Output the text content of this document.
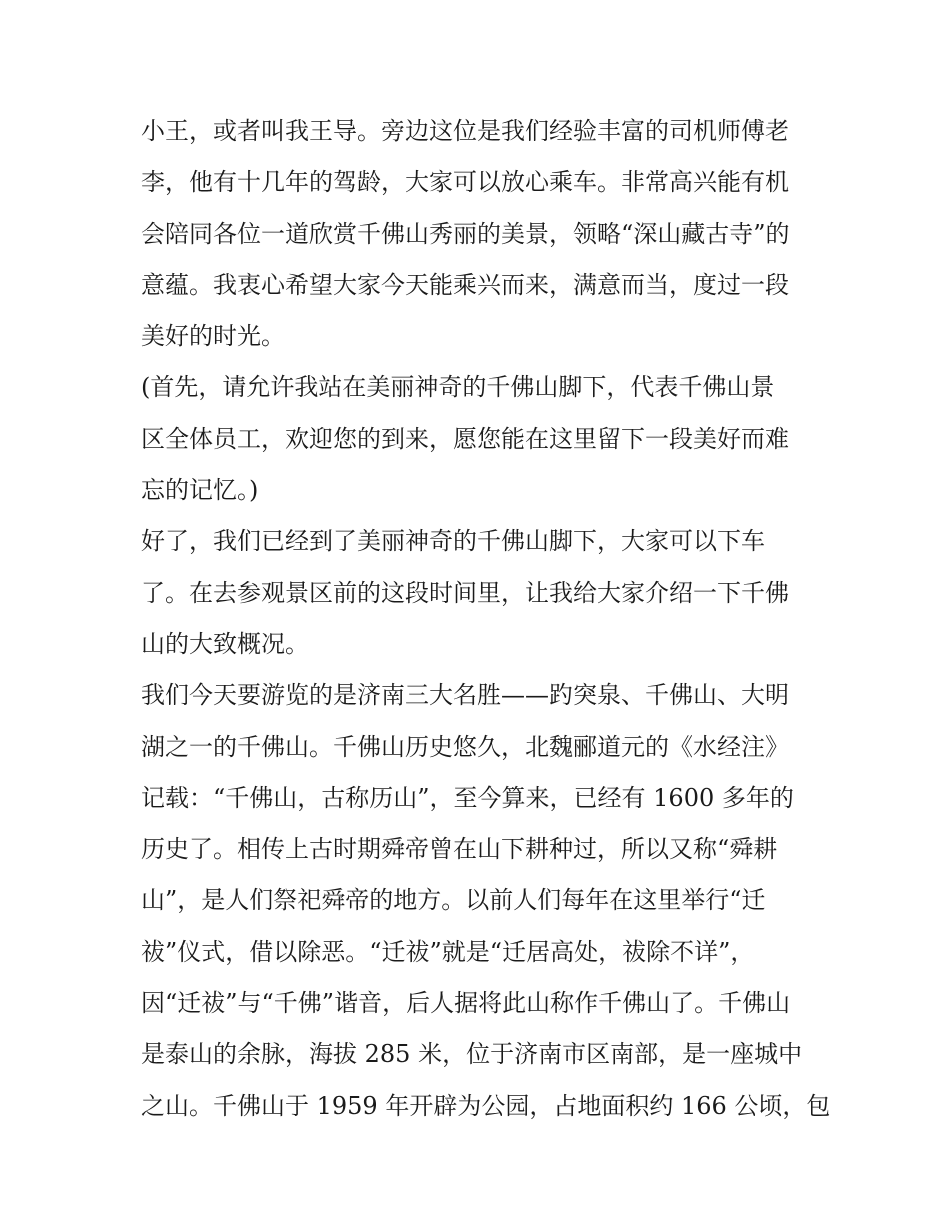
小王，或者叫我王导。旁边这位是我们经验丰富的司机师傅老
李，他有十几年的驾龄，大家可以放心乘车。非常高兴能有机
会陪同各位一道欣赏千佛山秀丽的美景，领略“深山藏古寺”的
意蕴。我衷心希望大家今天能乘兴而来，满意而当，度过一段
美好的时光。
(首先，请允许我站在美丽神奇的千佛山脚下，代表千佛山景
区全体员工，欢迎您的到来，愿您能在这里留下一段美好而难
忘的记忆。)
好了，我们已经到了美丽神奇的千佛山脚下，大家可以下车
了。在去参观景区前的这段时间里，让我给大家介绍一下千佛
山的大致概况。
我们今天要游览的是济南三大名胜——趵突泉、千佛山、大明
湖之一的千佛山。千佛山历史悠久，北魏郦道元的《水经注》
记载：“千佛山，古称历山”，至今算来，已经有 1600 多年的
历史了。相传上古时期舜帝曾在山下耕种过，所以又称“舜耕
山”，是人们祭祀舜帝的地方。以前人们每年在这里举行“迁
祓”仪式，借以除恶。“迁祓”就是“迁居高处，祓除不详”，
因“迁祓”与“千佛”谐音，后人据将此山称作千佛山了。千佛山
是泰山的余脉，海拔 285 米，位于济南市区南部，是一座城中
之山。千佛山于 1959 年开辟为公园，占地面积约 166 公顷，包
